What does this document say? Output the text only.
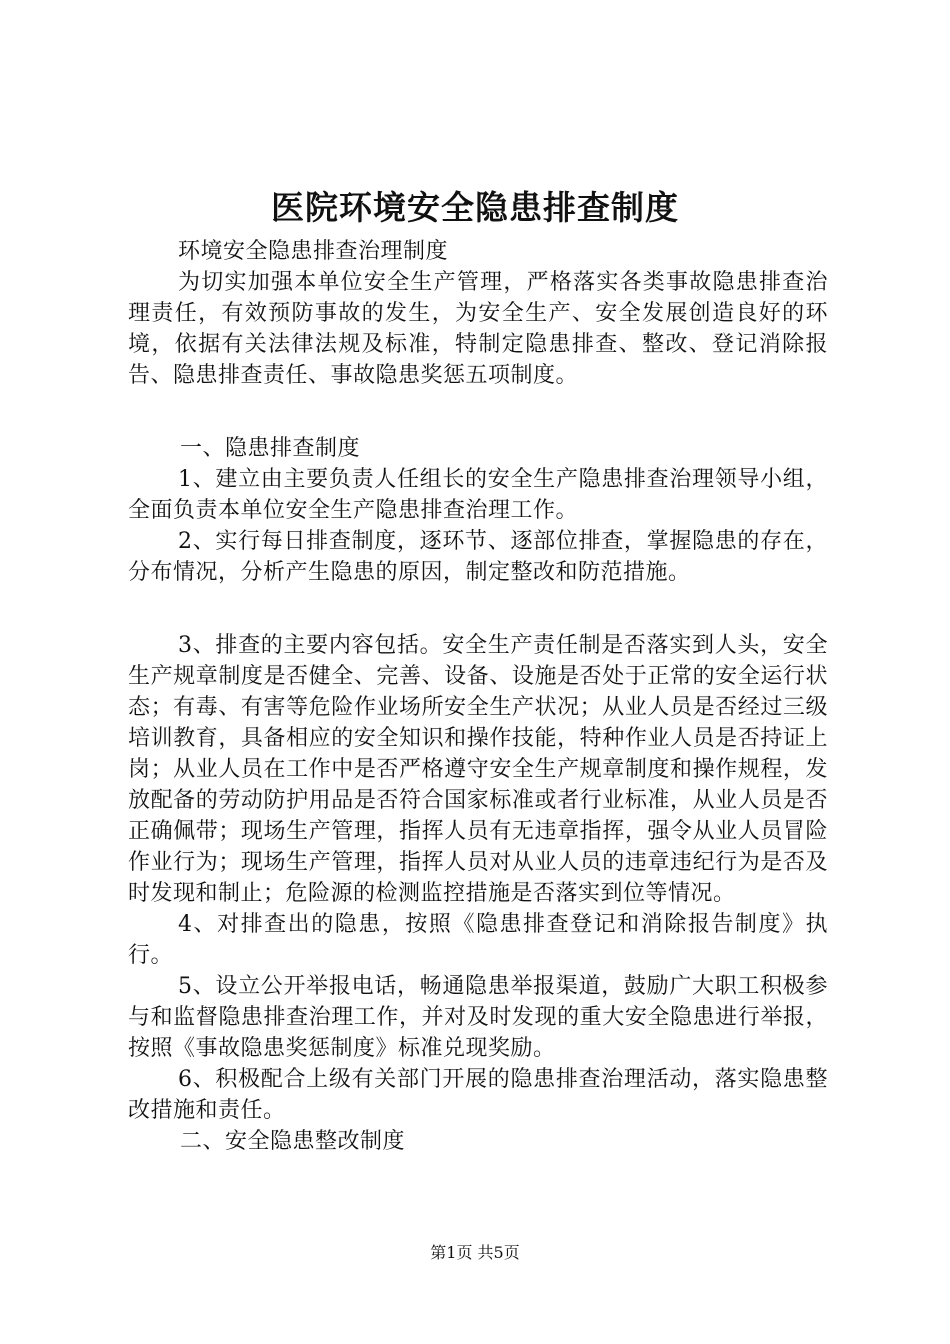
医院环境安全隐患排查制度

环境安全隐患排查治理制度

为切实加强本单位安全生产管理，严格落实各类事故隐患排查治理责任，有效预防事故的发生，为安全生产、安全发展创造良好的环境，依据有关法律法规及标准，特制定隐患排查、整改、登记消除报告、隐患排查责任、事故隐患奖惩五项制度。

一、隐患排查制度

1、建立由主要负责人任组长的安全生产隐患排查治理领导小组，全面负责本单位安全生产隐患排查治理工作。

2、实行每日排查制度，逐环节、逐部位排查，掌握隐患的存在，分布情况，分析产生隐患的原因，制定整改和防范措施。

3、排查的主要内容包括。安全生产责任制是否落实到人头，安全生产规章制度是否健全、完善、设备、设施是否处于正常的安全运行状态；有毒、有害等危险作业场所安全生产状况；从业人员是否经过三级培训教育，具备相应的安全知识和操作技能，特种作业人员是否持证上岗；从业人员在工作中是否严格遵守安全生产规章制度和操作规程，发放配备的劳动防护用品是否符合国家标准或者行业标准，从业人员是否正确佩带；现场生产管理，指挥人员有无违章指挥，强令从业人员冒险作业行为；现场生产管理，指挥人员对从业人员的违章违纪行为是否及时发现和制止；危险源的检测监控措施是否落实到位等情况。

4、对排查出的隐患，按照《隐患排查登记和消除报告制度》执行。

5、设立公开举报电话，畅通隐患举报渠道，鼓励广大职工积极参与和监督隐患排查治理工作，并对及时发现的重大安全隐患进行举报，按照《事故隐患奖惩制度》标准兑现奖励。

6、积极配合上级有关部门开展的隐患排查治理活动，落实隐患整改措施和责任。

二、安全隐患整改制度

第1页 共5页
